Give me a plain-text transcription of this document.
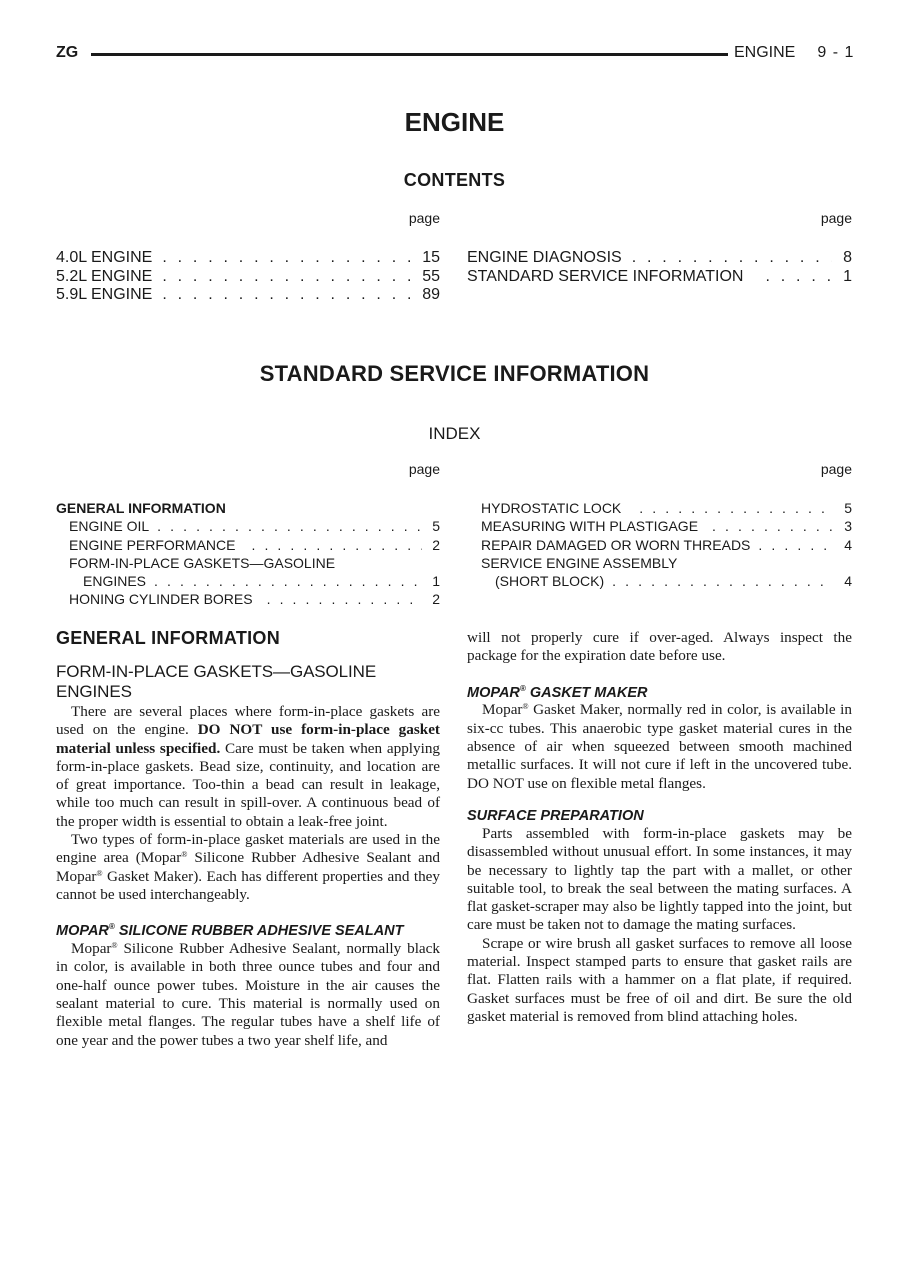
ZG	ENGINE 9 - 1
ENGINE
CONTENTS
page	page
4.0L ENGINE . . .	15
5.2L ENGINE . . .	55
5.9L ENGINE . . .	89
ENGINE DIAGNOSIS . . .	8
STANDARD SERVICE INFORMATION . . .	1
STANDARD SERVICE INFORMATION
INDEX
page	page
GENERAL INFORMATION
ENGINE OIL . . .	5
ENGINE PERFORMANCE . . .	2
FORM-IN-PLACE GASKETS—GASOLINE
ENGINES . . .	1
HONING CYLINDER BORES . . .	2
HYDROSTATIC LOCK . . .	5
MEASURING WITH PLASTIGAGE . . .	3
REPAIR DAMAGED OR WORN THREADS . . .	4
SERVICE ENGINE ASSEMBLY
(SHORT BLOCK) . . .	4
GENERAL INFORMATION
FORM-IN-PLACE GASKETS—GASOLINE ENGINES

There are several places where form-in-place gaskets are used on the engine. DO NOT use form-in-place gasket material unless specified. Care must be taken when applying form-in-place gaskets. Bead size, continuity, and location are of great importance. Too-thin a bead can result in leakage, while too much can result in spill-over. A continuous bead of the proper width is essential to obtain a leak-free joint.

Two types of form-in-place gasket materials are used in the engine area (Mopar® Silicone Rubber Adhesive Sealant and Mopar® Gasket Maker). Each has different properties and they cannot be used interchangeably.

MOPAR® SILICONE RUBBER ADHESIVE SEALANT

Mopar® Silicone Rubber Adhesive Sealant, normally black in color, is available in both three ounce tubes and four and one-half ounce power tubes. Moisture in the air causes the sealant material to cure. This material is normally used on flexible metal flanges. The regular tubes have a shelf life of one year and the power tubes a two year shelf life, and

will not properly cure if over-aged. Always inspect the package for the expiration date before use.

MOPAR® GASKET MAKER

Mopar® Gasket Maker, normally red in color, is available in six-cc tubes. This anaerobic type gasket material cures in the absence of air when squeezed between smooth machined metallic surfaces. It will not cure if left in the uncovered tube. DO NOT use on flexible metal flanges.

SURFACE PREPARATION

Parts assembled with form-in-place gaskets may be disassembled without unusual effort. In some instances, it may be necessary to lightly tap the part with a mallet, or other suitable tool, to break the seal between the mating surfaces. A flat gasket-scraper may also be lightly tapped into the joint, but care must be taken not to damage the mating surfaces.

Scrape or wire brush all gasket surfaces to remove all loose material. Inspect stamped parts to ensure that gasket rails are flat. Flatten rails with a hammer on a flat plate, if required. Gasket surfaces must be free of oil and dirt. Be sure the old gasket material is removed from blind attaching holes.
